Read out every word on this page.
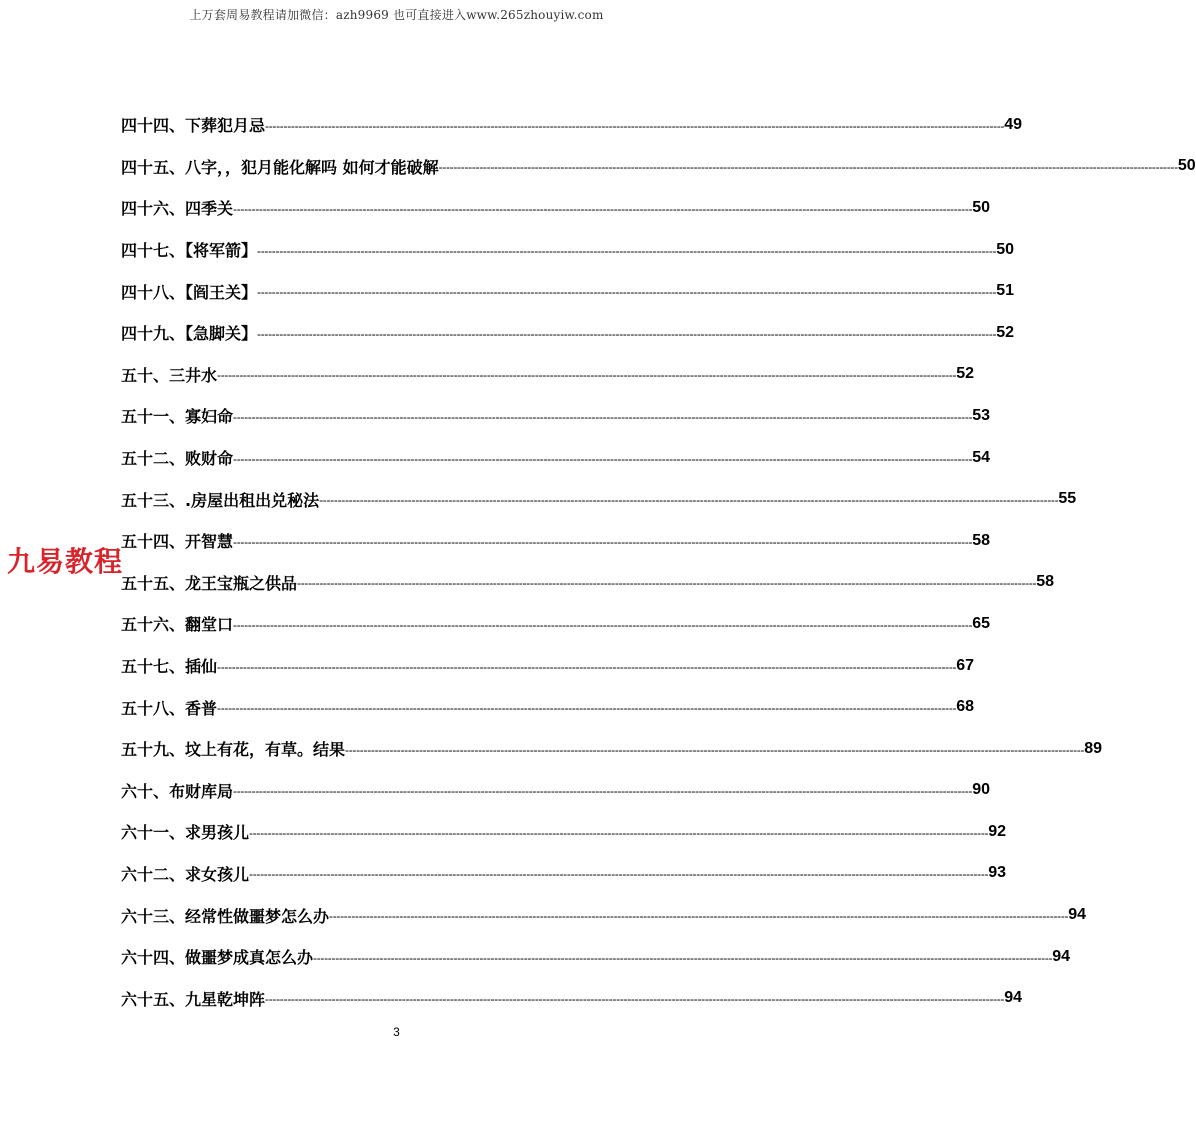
上万套周易教程请加微信：azh9969 也可直接进入www.265zhouyiw.com
四十四、下葬犯月忌 -------------------------------------------------------------------------------------------------------------------------------------------------------------------------------------------------------- 49
四十五、八字，，犯月能化解吗 如何才能破解 -------------------------------------------------------------------------------------------------------------------------------------------------------------------------------------------------------- 50
四十六、四季关 -------------------------------------------------------------------------------------------------------------------------------------------------------------------------------------------------------- 50
四十七、【将军箭】 -------------------------------------------------------------------------------------------------------------------------------------------------------------------------------------------------------- 50
四十八、【阎王关】 -------------------------------------------------------------------------------------------------------------------------------------------------------------------------------------------------------- 51
四十九、【急脚关】 -------------------------------------------------------------------------------------------------------------------------------------------------------------------------------------------------------- 52
五十、三井水 -------------------------------------------------------------------------------------------------------------------------------------------------------------------------------------------------------- 52
五十一、寡妇命 -------------------------------------------------------------------------------------------------------------------------------------------------------------------------------------------------------- 53
五十二、败财命 -------------------------------------------------------------------------------------------------------------------------------------------------------------------------------------------------------- 54
五十三、.房屋出租出兑秘法 -------------------------------------------------------------------------------------------------------------------------------------------------------------------------------------------------------- 55
五十四、开智慧 -------------------------------------------------------------------------------------------------------------------------------------------------------------------------------------------------------- 58
五十五、龙王宝瓶之供品 -------------------------------------------------------------------------------------------------------------------------------------------------------------------------------------------------------- 58
五十六、翻堂口 -------------------------------------------------------------------------------------------------------------------------------------------------------------------------------------------------------- 65
五十七、插仙 -------------------------------------------------------------------------------------------------------------------------------------------------------------------------------------------------------- 67
五十八、香普 -------------------------------------------------------------------------------------------------------------------------------------------------------------------------------------------------------- 68
五十九、坟上有花，有草。结果 -------------------------------------------------------------------------------------------------------------------------------------------------------------------------------------------------------- 89
六十、布财库局 -------------------------------------------------------------------------------------------------------------------------------------------------------------------------------------------------------- 90
六十一、求男孩儿 -------------------------------------------------------------------------------------------------------------------------------------------------------------------------------------------------------- 92
六十二、求女孩儿 -------------------------------------------------------------------------------------------------------------------------------------------------------------------------------------------------------- 93
六十三、经常性做噩梦怎么办 -------------------------------------------------------------------------------------------------------------------------------------------------------------------------------------------------------- 94
六十四、做噩梦成真怎么办 -------------------------------------------------------------------------------------------------------------------------------------------------------------------------------------------------------- 94
六十五、九星乾坤阵 -------------------------------------------------------------------------------------------------------------------------------------------------------------------------------------------------------- 94
九易教程
3
